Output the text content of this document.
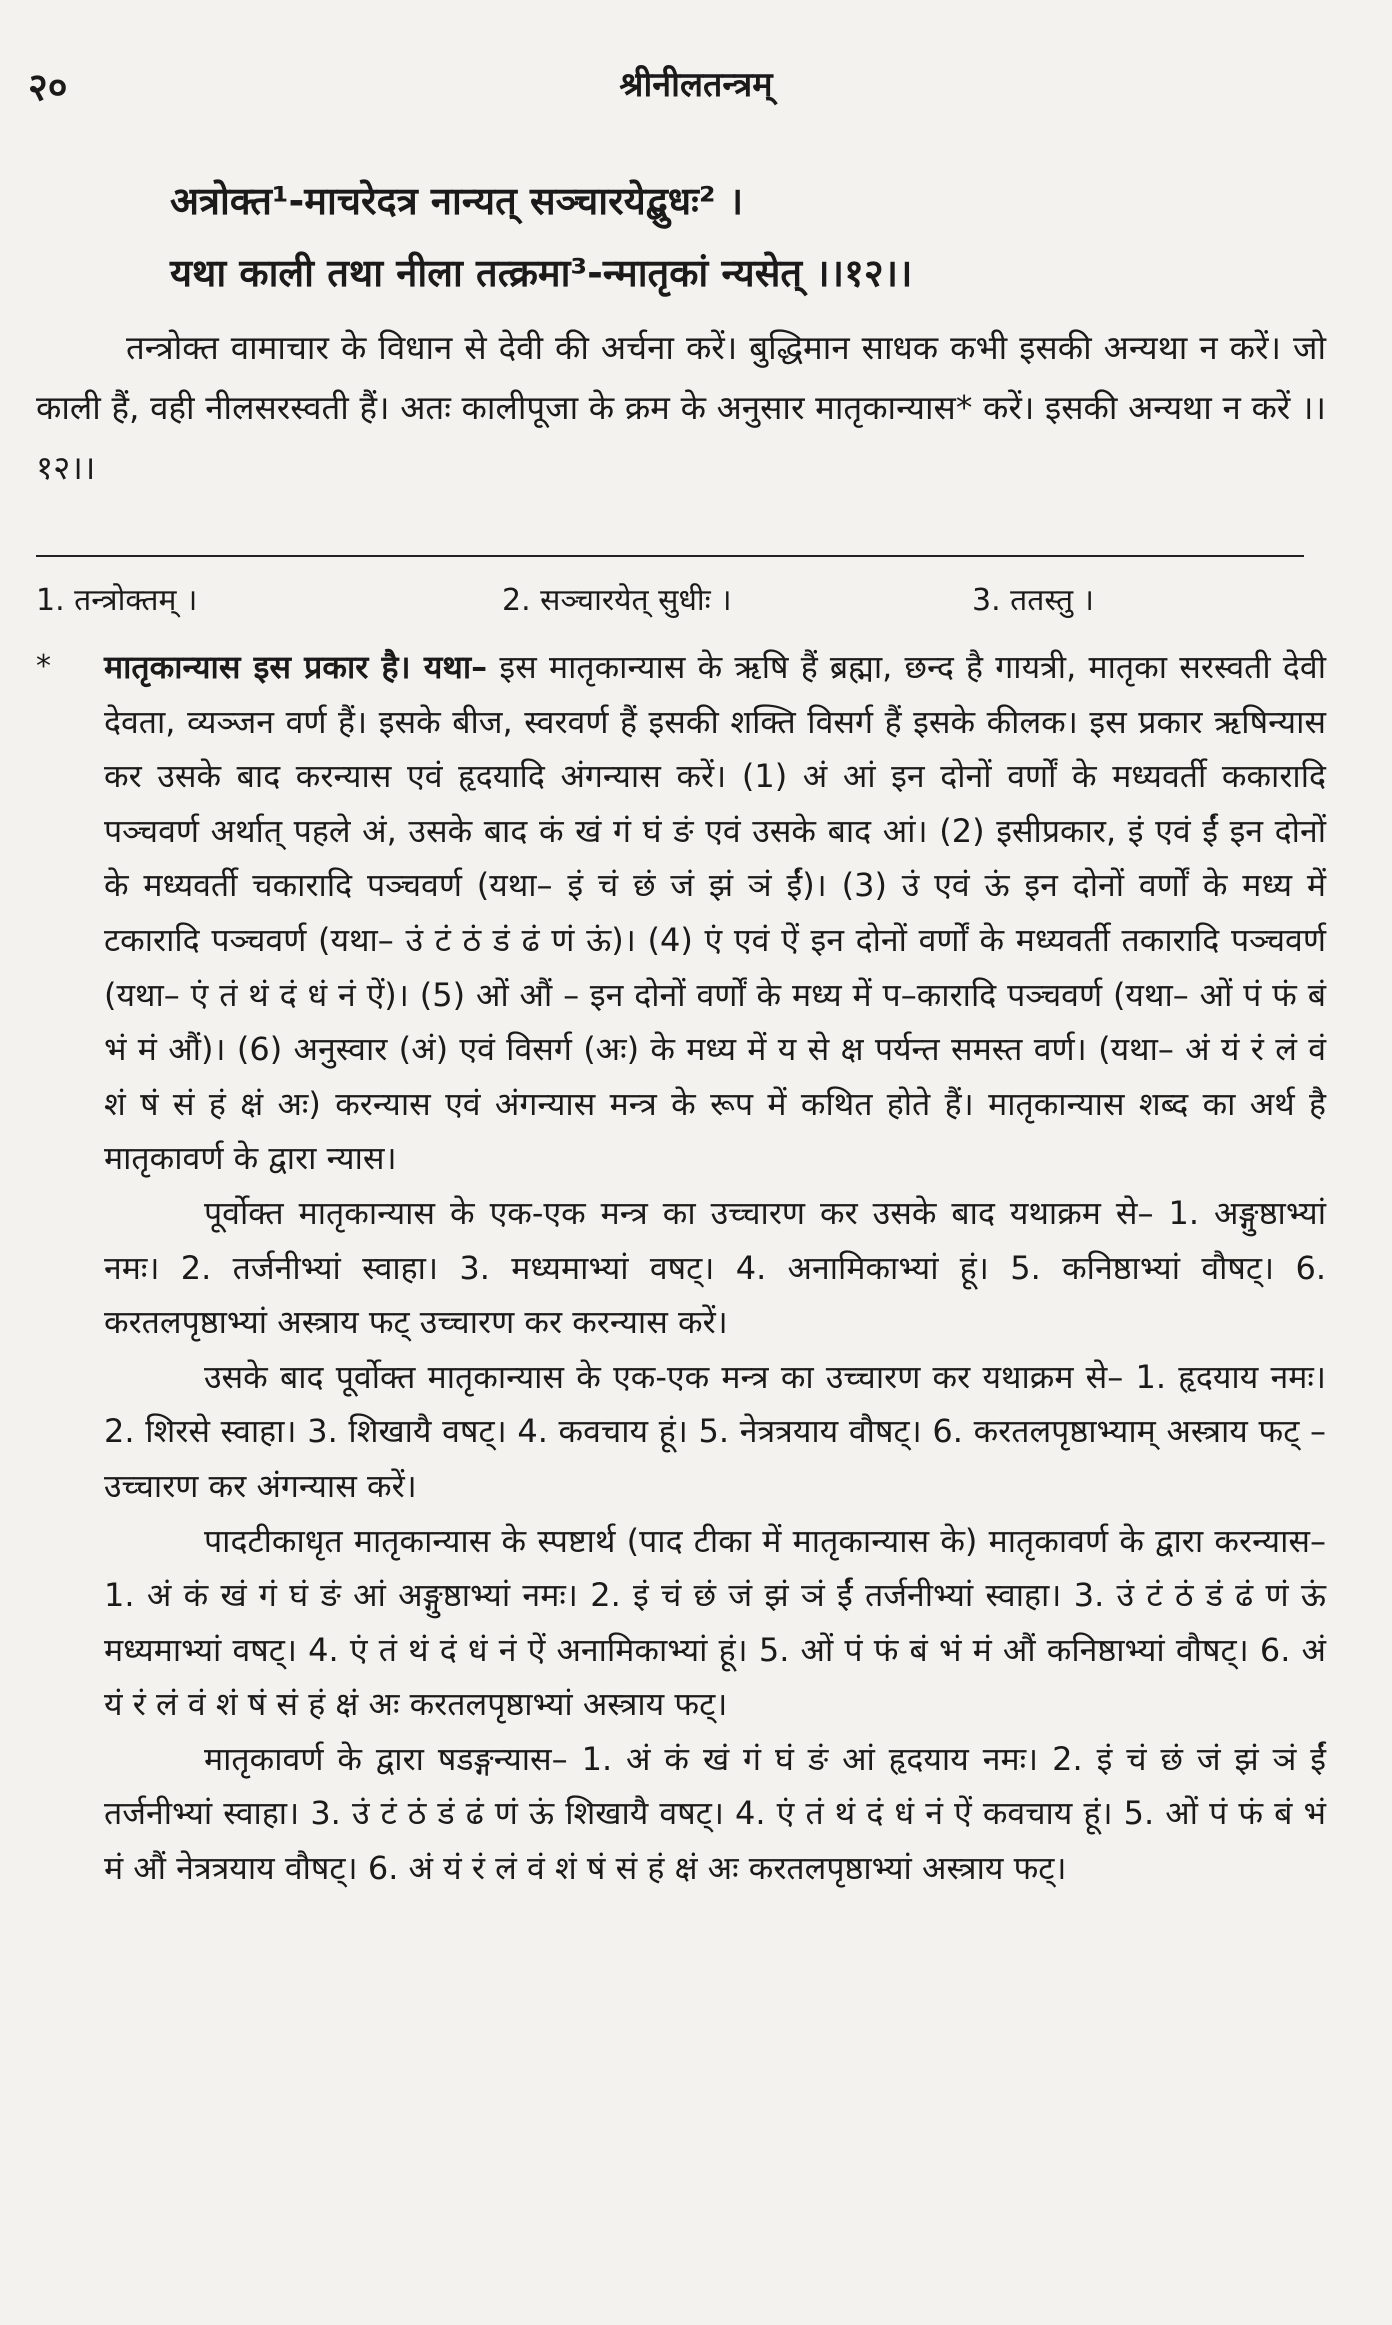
२०	श्रीनीलतन्त्रम्
अत्रोक्त¹-माचरेदत्र नान्यत् सञ्चारयेद्बुधः² ।
यथा काली तथा नीला तत्क्रमा³-न्मातृकां न्यसेत् ।।१२।।

तन्त्रोक्त वामाचार के विधान से देवी की अर्चना करें। बुद्धिमान साधक कभी इसकी अन्यथा न करें। जो काली हैं, वही नीलसरस्वती हैं। अतः कालीपूजा के क्रम के अनुसार मातृकान्यास* करें। इसकी अन्यथा न करें ।।१२।।

1. तन्त्रोक्तम् ।	2. सञ्चारयेत् सुधीः ।	3. ततस्तु ।
* मातृकान्यास इस प्रकार है। यथा– इस मातृकान्यास के ऋषि हैं ब्रह्मा, छन्द है गायत्री, मातृका सरस्वती देवी देवता, व्यञ्जन वर्ण हैं। इसके बीज, स्वरवर्ण हैं इसकी शक्ति विसर्ग हैं इसके कीलक। इस प्रकार ऋषिन्यास कर उसके बाद करन्यास एवं हृदयादि अंगन्यास करें। (1) अं आं इन दोनों वर्णों के मध्यवर्ती ककारादि पञ्चवर्ण अर्थात् पहले अं, उसके बाद कं खं गं घं ङं एवं उसके बाद आं। (2) इसीप्रकार, इं एवं ईं इन दोनों के मध्यवर्ती चकारादि पञ्चवर्ण (यथा– इं चं छं जं झं ञं ईं)। (3) उं एवं ऊं इन दोनों वर्णों के मध्य में टकारादि पञ्चवर्ण (यथा– उं टं ठं डं ढं णं ऊं)। (4) एं एवं ऐं इन दोनों वर्णों के मध्यवर्ती तकारादि पञ्चवर्ण (यथा– एं तं थं दं धं नं ऐं)। (5) ओं औं – इन दोनों वर्णों के मध्य में प–कारादि पञ्चवर्ण (यथा– ओं पं फं बं भं मं औं)। (6) अनुस्वार (अं) एवं विसर्ग (अः) के मध्य में य से क्ष पर्यन्त समस्त वर्ण। (यथा– अं यं रं लं वं शं षं सं हं क्षं अः) करन्यास एवं अंगन्यास मन्त्र के रूप में कथित होते हैं। मातृकान्यास शब्द का अर्थ है मातृकावर्ण के द्वारा न्यास।

पूर्वोक्त मातृकान्यास के एक-एक मन्त्र का उच्चारण कर उसके बाद यथाक्रम से– 1. अङ्गुष्ठाभ्यां नमः। 2. तर्जनीभ्यां स्वाहा। 3. मध्यमाभ्यां वषट्। 4. अनामिकाभ्यां हूं। 5. कनिष्ठाभ्यां वौषट्। 6. करतलपृष्ठाभ्यां अस्त्राय फट् उच्चारण कर करन्यास करें।

उसके बाद पूर्वोक्त मातृकान्यास के एक-एक मन्त्र का उच्चारण कर यथाक्रम से– 1. हृदयाय नमः। 2. शिरसे स्वाहा। 3. शिखायै वषट्। 4. कवचाय हूं। 5. नेत्रत्रयाय वौषट्। 6. करतलपृष्ठाभ्याम् अस्त्राय फट् – उच्चारण कर अंगन्यास करें।

पादटीकाधृत मातृकान्यास के स्पष्टार्थ (पाद टीका में मातृकान्यास के) मातृकावर्ण के द्वारा करन्यास– 1. अं कं खं गं घं ङं आं अङ्गुष्ठाभ्यां नमः। 2. इं चं छं जं झं ञं ईं तर्जनीभ्यां स्वाहा। 3. उं टं ठं डं ढं णं ऊं मध्यमाभ्यां वषट्। 4. एं तं थं दं धं नं ऐं अनामिकाभ्यां हूं। 5. ओं पं फं बं भं मं औं कनिष्ठाभ्यां वौषट्। 6. अं यं रं लं वं शं षं सं हं क्षं अः करतलपृष्ठाभ्यां अस्त्राय फट्।

मातृकावर्ण के द्वारा षडङ्गन्यास– 1. अं कं खं गं घं ङं आं हृदयाय नमः। 2. इं चं छं जं झं ञं ईं तर्जनीभ्यां स्वाहा। 3. उं टं ठं डं ढं णं ऊं शिखायै वषट्। 4. एं तं थं दं धं नं ऐं कवचाय हूं। 5. ओं पं फं बं भं मं औं नेत्रत्रयाय वौषट्। 6. अं यं रं लं वं शं षं सं हं क्षं अः करतलपृष्ठाभ्यां अस्त्राय फट्।
